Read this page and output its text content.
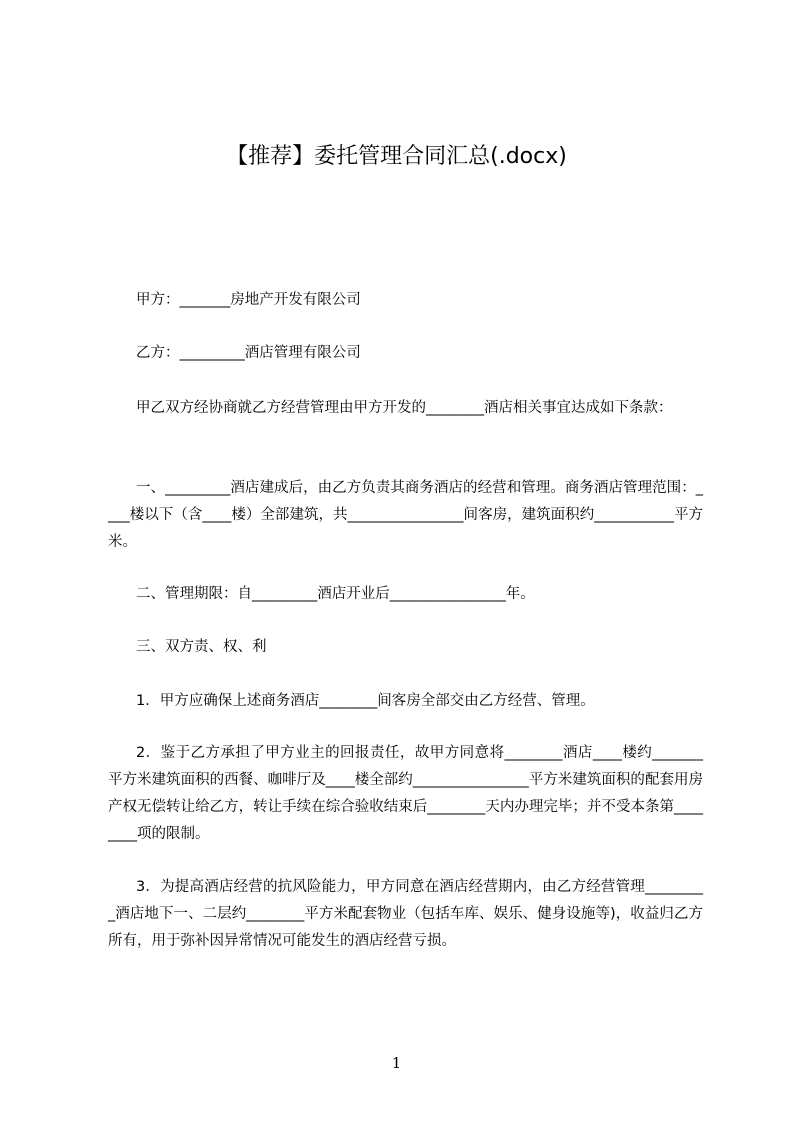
【推荐】委托管理合同汇总(.docx)

甲方：_______房地产开发有限公司

乙方：_________酒店管理有限公司

甲乙双方经协商就乙方经营管理由甲方开发的________酒店相关事宜达成如下条款：

一、_________酒店建成后，由乙方负责其商务酒店的经营和管理。商务酒店管理范围：____楼以下（含____楼）全部建筑，共________________间客房，建筑面积约___________平方米。

二、管理期限：自_________酒店开业后________________年。

三、双方责、权、利

1．甲方应确保上述商务酒店________间客房全部交由乙方经营、管理。

2．鉴于乙方承担了甲方业主的回报责任，故甲方同意将________酒店____楼约_______平方米建筑面积的西餐、咖啡厅及____楼全部约________________平方米建筑面积的配套用房产权无偿转让给乙方，转让手续在综合验收结束后________天内办理完毕；并不受本条第________项的限制。

3．为提高酒店经营的抗风险能力，甲方同意在酒店经营期内，由乙方经营管理_________酒店地下一、二层约________平方米配套物业（包括车库、娱乐、健身设施等)，收益归乙方所有，用于弥补因异常情况可能发生的酒店经营亏损。

1
